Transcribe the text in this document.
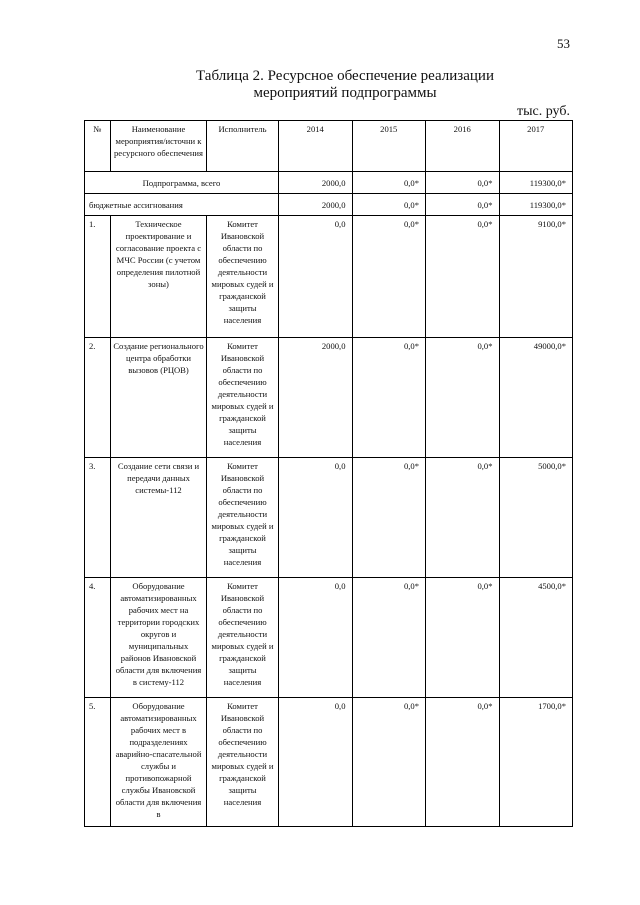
53
Таблица 2. Ресурсное обеспечение реализации
мероприятий подпрограммы
тыс. руб.
№	Наименование мероприятия/источни к ресурсного обеспечения	Исполнитель	2014	2015	2016	2017
Подпрограмма, всего			2000,0	0,0*	0,0*	119300,0*
бюджетные ассигнования			2000,0	0,0*	0,0*	119300,0*
1.	Техническое проектирование и согласование проекта с МЧС России (с учетом определения пилотной зоны)	Комитет Ивановской области по обеспечению деятельности мировых судей и гражданской защиты населения	0,0	0,0*	0,0*	9100,0*
2.	Создание регионального центра обработки вызовов (РЦОВ)	Комитет Ивановской области по обеспечению деятельности мировых судей и гражданской защиты населения	2000,0	0,0*	0,0*	49000,0*
3.	Создание сети связи и передачи данных системы-112	Комитет Ивановской области по обеспечению деятельности мировых судей и гражданской защиты населения	0,0	0,0*	0,0*	5000,0*
4.	Оборудование автоматизированных рабочих мест на территории городских округов и муниципальных районов Ивановской области для включения в систему-112	Комитет Ивановской области по обеспечению деятельности мировых судей и гражданской защиты населения	0,0	0,0*	0,0*	4500,0*
5.	Оборудование автоматизированных рабочих мест в подразделениях аварийно-спасательной службы и противопожарной службы Ивановской области для включения в	Комитет Ивановской области по обеспечению деятельности мировых судей и гражданской защиты населения	0,0	0,0*	0,0*	1700,0*
